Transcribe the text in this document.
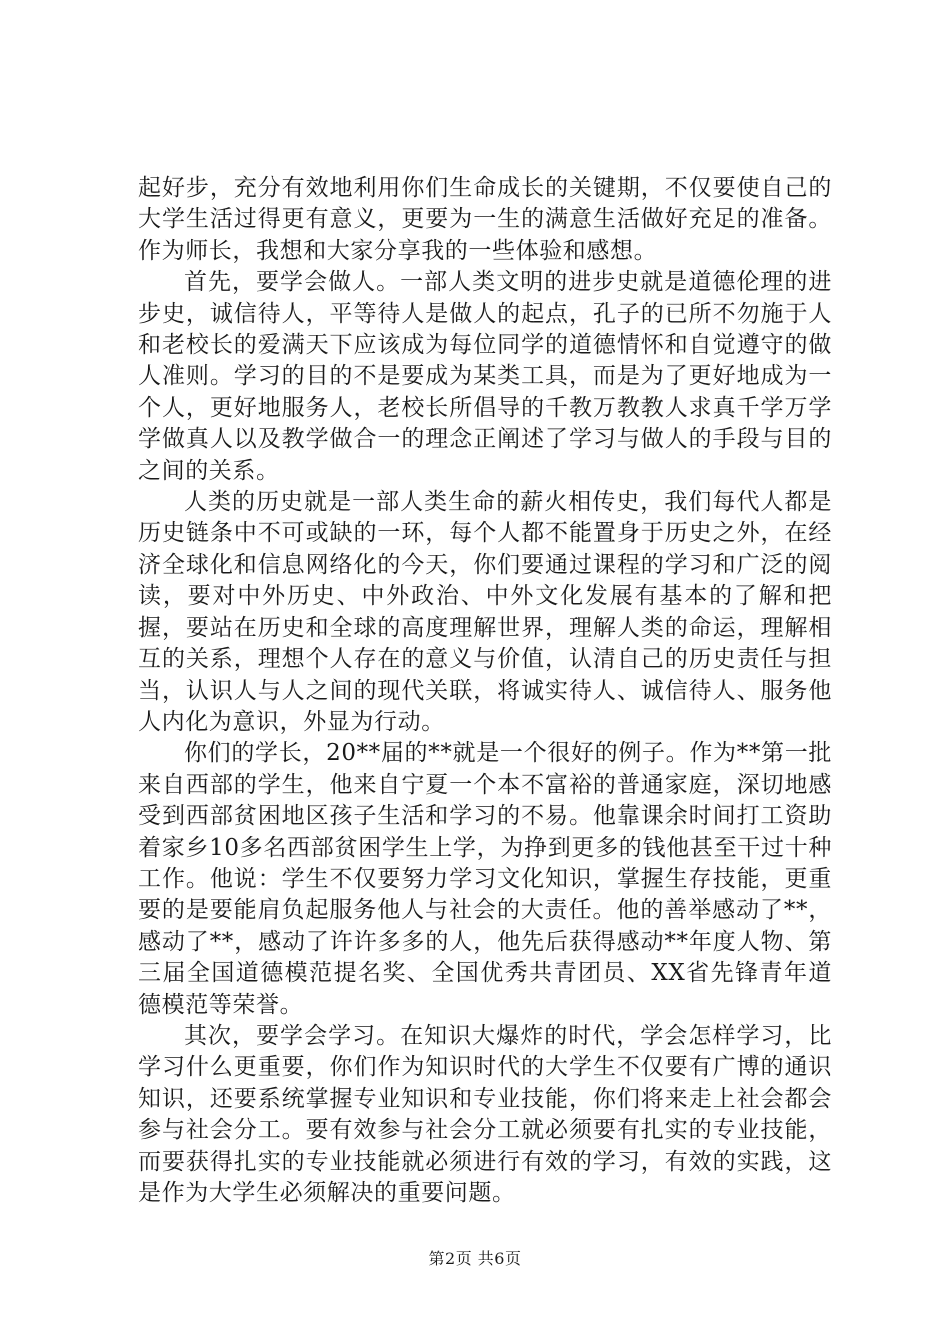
起好步，充分有效地利用你们生命成长的关键期，不仅要使自己的大学生活过得更有意义，更要为一生的满意生活做好充足的准备。作为师长，我想和大家分享我的一些体验和感想。

首先，要学会做人。一部人类文明的进步史就是道德伦理的进步史，诚信待人，平等待人是做人的起点，孔子的已所不勿施于人和老校长的爱满天下应该成为每位同学的道德情怀和自觉遵守的做人准则。学习的目的不是要成为某类工具，而是为了更好地成为一个人，更好地服务人，老校长所倡导的千教万教教人求真千学万学学做真人以及教学做合一的理念正阐述了学习与做人的手段与目的之间的关系。

人类的历史就是一部人类生命的薪火相传史，我们每代人都是历史链条中不可或缺的一环，每个人都不能置身于历史之外，在经济全球化和信息网络化的今天，你们要通过课程的学习和广泛的阅读，要对中外历史、中外政治、中外文化发展有基本的了解和把握，要站在历史和全球的高度理解世界，理解人类的命运，理解相互的关系，理想个人存在的意义与价值，认清自己的历史责任与担当，认识人与人之间的现代关联，将诚实待人、诚信待人、服务他人内化为意识，外显为行动。

你们的学长，20**届的**就是一个很好的例子。作为**第一批来自西部的学生，他来自宁夏一个本不富裕的普通家庭，深切地感受到西部贫困地区孩子生活和学习的不易。他靠课余时间打工资助着家乡10多名西部贫困学生上学，为挣到更多的钱他甚至干过十种工作。他说：学生不仅要努力学习文化知识，掌握生存技能，更重要的是要能肩负起服务他人与社会的大责任。他的善举感动了**，感动了**，感动了许许多多的人，他先后获得感动**年度人物、第三届全国道德模范提名奖、全国优秀共青团员、XX省先锋青年道德模范等荣誉。

其次，要学会学习。在知识大爆炸的时代，学会怎样学习，比学习什么更重要，你们作为知识时代的大学生不仅要有广博的通识知识，还要系统掌握专业知识和专业技能，你们将来走上社会都会参与社会分工。要有效参与社会分工就必须要有扎实的专业技能，而要获得扎实的专业技能就必须进行有效的学习，有效的实践，这是作为大学生必须解决的重要问题。

第2页 共6页
